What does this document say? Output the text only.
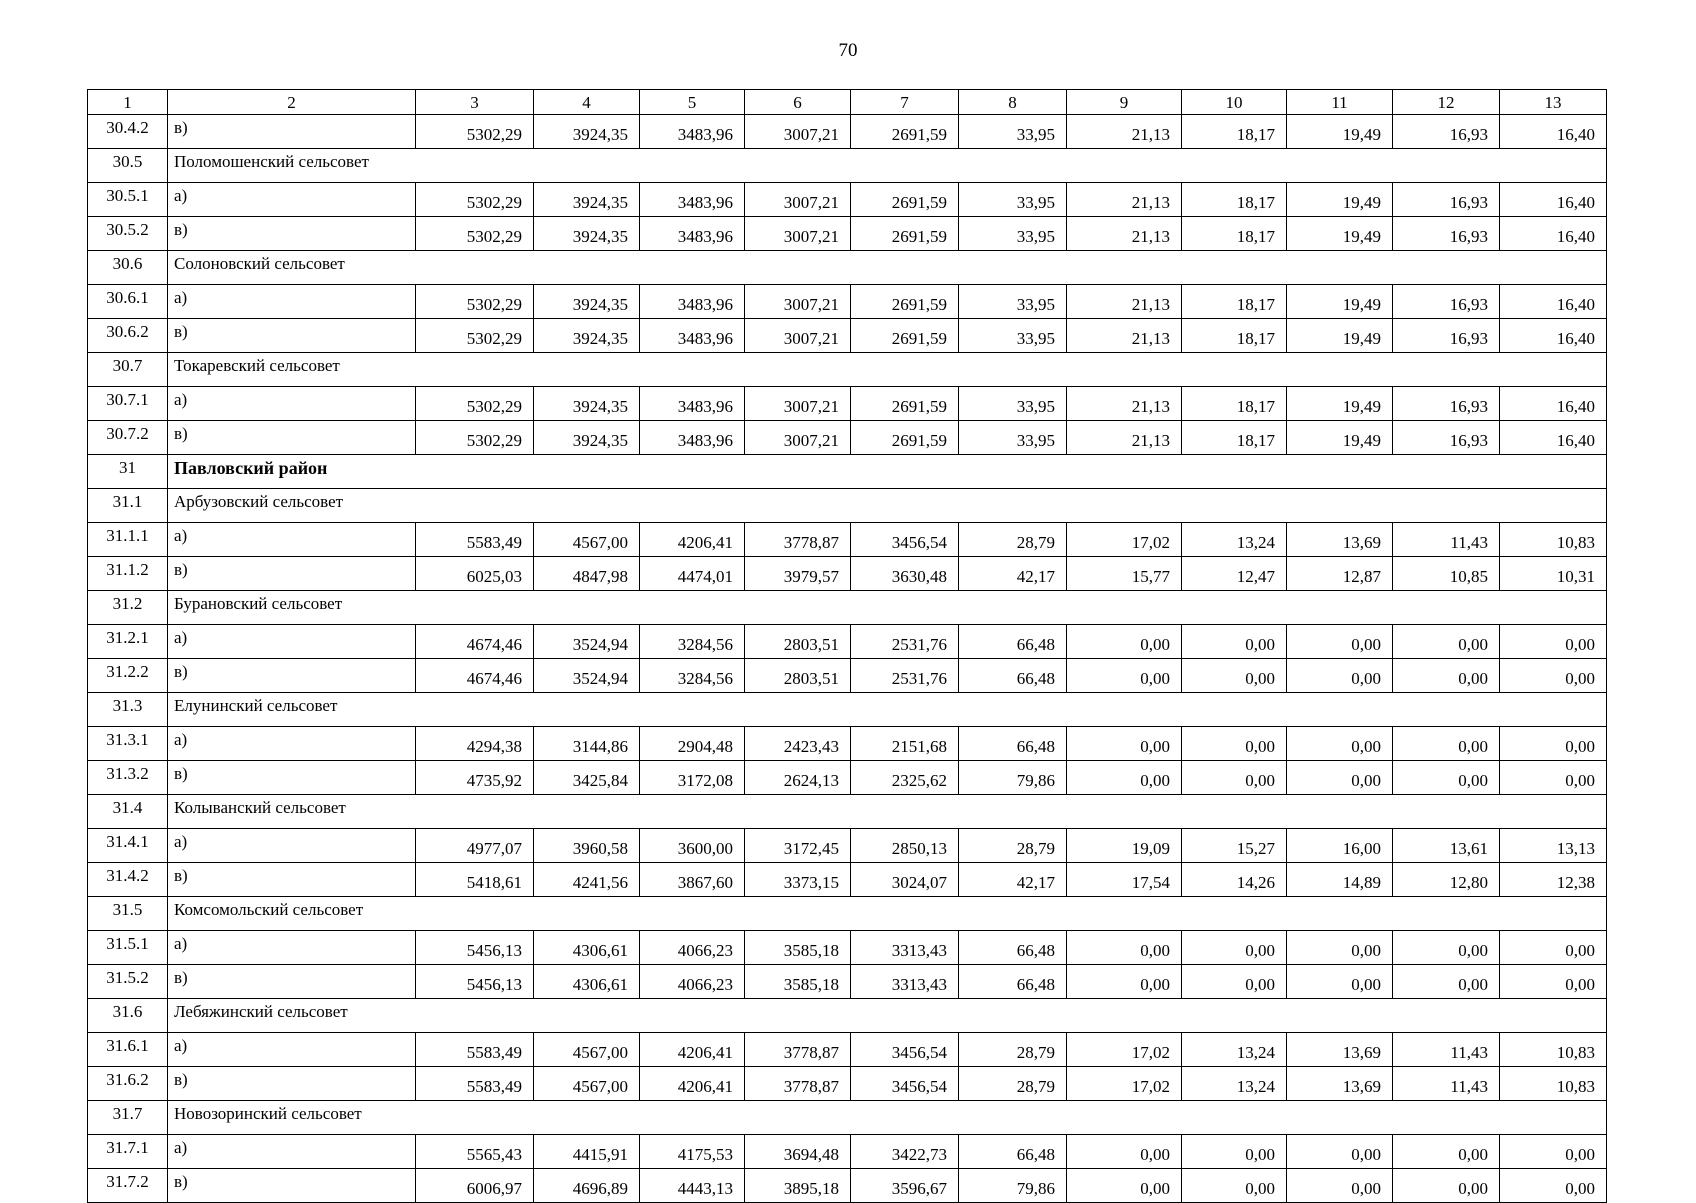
70
1	2	3	4	5	6	7	8	9	10	11	12	13
30.4.2	в)	5302,29	3924,35	3483,96	3007,21	2691,59	33,95	21,13	18,17	19,49	16,93	16,40
30.5	Поломошенский сельсовет											
30.5.1	а)	5302,29	3924,35	3483,96	3007,21	2691,59	33,95	21,13	18,17	19,49	16,93	16,40
30.5.2	в)	5302,29	3924,35	3483,96	3007,21	2691,59	33,95	21,13	18,17	19,49	16,93	16,40
30.6	Солоновский сельсовет											
30.6.1	а)	5302,29	3924,35	3483,96	3007,21	2691,59	33,95	21,13	18,17	19,49	16,93	16,40
30.6.2	в)	5302,29	3924,35	3483,96	3007,21	2691,59	33,95	21,13	18,17	19,49	16,93	16,40
30.7	Токаревский сельсовет											
30.7.1	а)	5302,29	3924,35	3483,96	3007,21	2691,59	33,95	21,13	18,17	19,49	16,93	16,40
30.7.2	в)	5302,29	3924,35	3483,96	3007,21	2691,59	33,95	21,13	18,17	19,49	16,93	16,40
31	Павловский район											
31.1	Арбузовский сельсовет											
31.1.1	а)	5583,49	4567,00	4206,41	3778,87	3456,54	28,79	17,02	13,24	13,69	11,43	10,83
31.1.2	в)	6025,03	4847,98	4474,01	3979,57	3630,48	42,17	15,77	12,47	12,87	10,85	10,31
31.2	Бурановский сельсовет											
31.2.1	а)	4674,46	3524,94	3284,56	2803,51	2531,76	66,48	0,00	0,00	0,00	0,00	0,00
31.2.2	в)	4674,46	3524,94	3284,56	2803,51	2531,76	66,48	0,00	0,00	0,00	0,00	0,00
31.3	Елунинский сельсовет											
31.3.1	а)	4294,38	3144,86	2904,48	2423,43	2151,68	66,48	0,00	0,00	0,00	0,00	0,00
31.3.2	в)	4735,92	3425,84	3172,08	2624,13	2325,62	79,86	0,00	0,00	0,00	0,00	0,00
31.4	Колыванский сельсовет											
31.4.1	а)	4977,07	3960,58	3600,00	3172,45	2850,13	28,79	19,09	15,27	16,00	13,61	13,13
31.4.2	в)	5418,61	4241,56	3867,60	3373,15	3024,07	42,17	17,54	14,26	14,89	12,80	12,38
31.5	Комсомольский сельсовет											
31.5.1	а)	5456,13	4306,61	4066,23	3585,18	3313,43	66,48	0,00	0,00	0,00	0,00	0,00
31.5.2	в)	5456,13	4306,61	4066,23	3585,18	3313,43	66,48	0,00	0,00	0,00	0,00	0,00
31.6	Лебяжинский сельсовет											
31.6.1	а)	5583,49	4567,00	4206,41	3778,87	3456,54	28,79	17,02	13,24	13,69	11,43	10,83
31.6.2	в)	5583,49	4567,00	4206,41	3778,87	3456,54	28,79	17,02	13,24	13,69	11,43	10,83
31.7	Новозоринский сельсовет											
31.7.1	а)	5565,43	4415,91	4175,53	3694,48	3422,73	66,48	0,00	0,00	0,00	0,00	0,00
31.7.2	в)	6006,97	4696,89	4443,13	3895,18	3596,67	79,86	0,00	0,00	0,00	0,00	0,00
